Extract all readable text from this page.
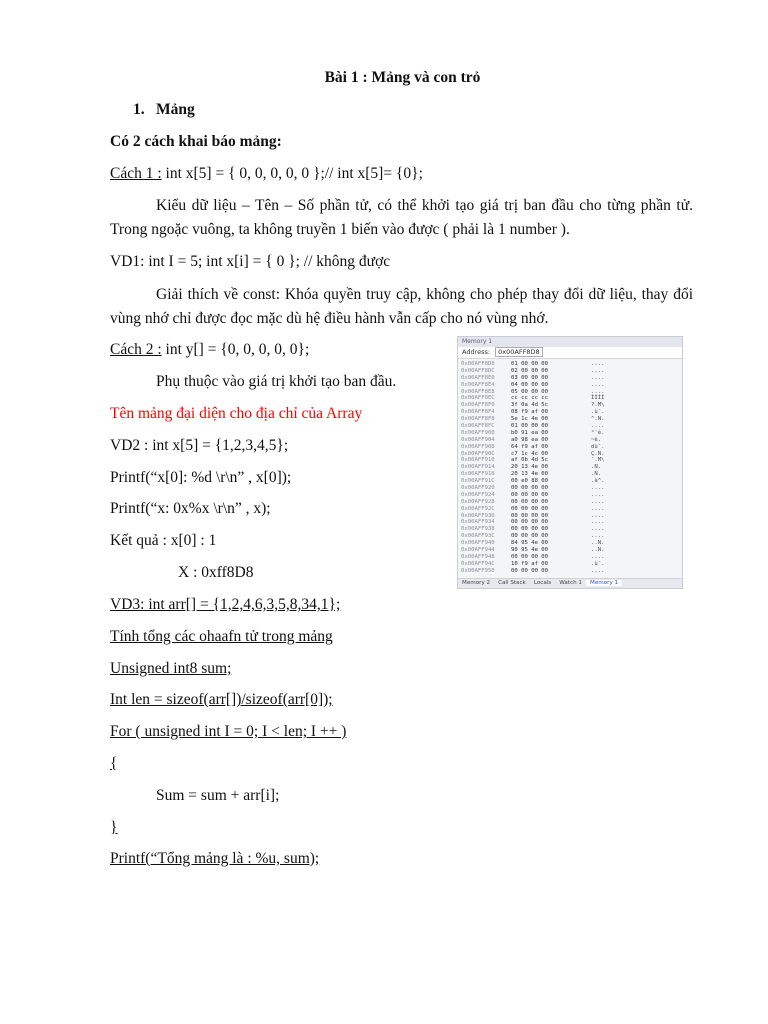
Bài 1 : Mảng và con trỏ
1. Mảng
Có 2 cách khai báo mảng:
Cách 1 : int x[5] = { 0, 0, 0, 0, 0 };// int x[5]= {0};
Kiểu dữ liệu – Tên – Số phần tử, có thể khởi tạo giá trị ban đầu cho từng phần tử. Trong ngoặc vuông, ta không truyền 1 biến vào được ( phải là 1 number ).
VD1: int I = 5; int x[i] = { 0 }; // không được
Giải thích về const: Khóa quyền truy cập, không cho phép thay đổi dữ liệu, thay đổi vùng nhớ chỉ được đọc mặc dù hệ điều hành vẫn cấp cho nó vùng nhớ.
Cách 2 : int y[] = {0, 0, 0, 0, 0};
Phụ thuộc vào giá trị khởi tạo ban đầu.
Tên mảng đại diện cho địa chỉ của Array
VD2 : int x[5] = {1,2,3,4,5};
Printf(“x[0]: %d \r\n” , x[0]);
Printf(“x: 0x%x \r\n” , x);
Kết quả : x[0] : 1
X : 0xff8D8
VD3: int arr[] = {1,2,4,6,3,5,8,34,1};
Tính tổng các ohaafn tử trong mảng
Unsigned int8 sum;
Int len = sizeof(arr[])/sizeof(arr[0]);
For ( unsigned int I = 0; I < len; I ++ )
{
Sum = sum + arr[i];
}
Printf(“Tổng mảng là : %u, sum);
Memory 1
Address: 0x00AFF8D8
0x00AFF8D8	01 00 00 00	....
0x00AFF8DC	02 00 00 00	....
0x00AFF8E0	03 00 00 00	....
0x00AFF8E4	04 00 00 00	....
0x00AFF8E8	05 00 00 00	....
0x00AFF8EC	cc cc cc cc	ÌÌÌÌ
0x00AFF8F0	3f 0a 4d 5c	?.M\
0x00AFF8F4	08 f9 af 00	.ù¯.
0x00AFF8F8	5e 1c 4e 00	^.N.
0x00AFF8FC	01 00 00 00	....
0x00AFF900	b0 91 ea 00	°'ê.
0x00AFF904	a0 98 ea 00	~ê.
0x00AFF908	64 f9 af 00	dù¯.
0x00AFF90C	c7 1c 4c 00	Ç.N.
0x00AFF910	af 0b 4d 5c	¯.M\
0x00AFF914	20 13 4e 00	.N.
0x00AFF918	20 13 4e 00	.N.
0x00AFF91C	00 e0 88 00	.à^.
0x00AFF920	00 00 00 00	....
0x00AFF924	00 00 00 00	....
0x00AFF928	00 00 00 00	....
0x00AFF92C	00 00 00 00	....
0x00AFF930	00 00 00 00	....
0x00AFF934	00 00 00 00	....
0x00AFF938	00 00 00 00	....
0x00AFF93C	00 00 00 00	....
0x00AFF940	84 95 4e 00	..N.
0x00AFF944	90 95 4e 00	..N.
0x00AFF948	00 00 00 00	....
0x00AFF94C	10 f9 af 00	.ù¯.
0x00AFF950	00 00 00 00	....
Memory 2 Call Stack Locals Watch 1 Memory 1
